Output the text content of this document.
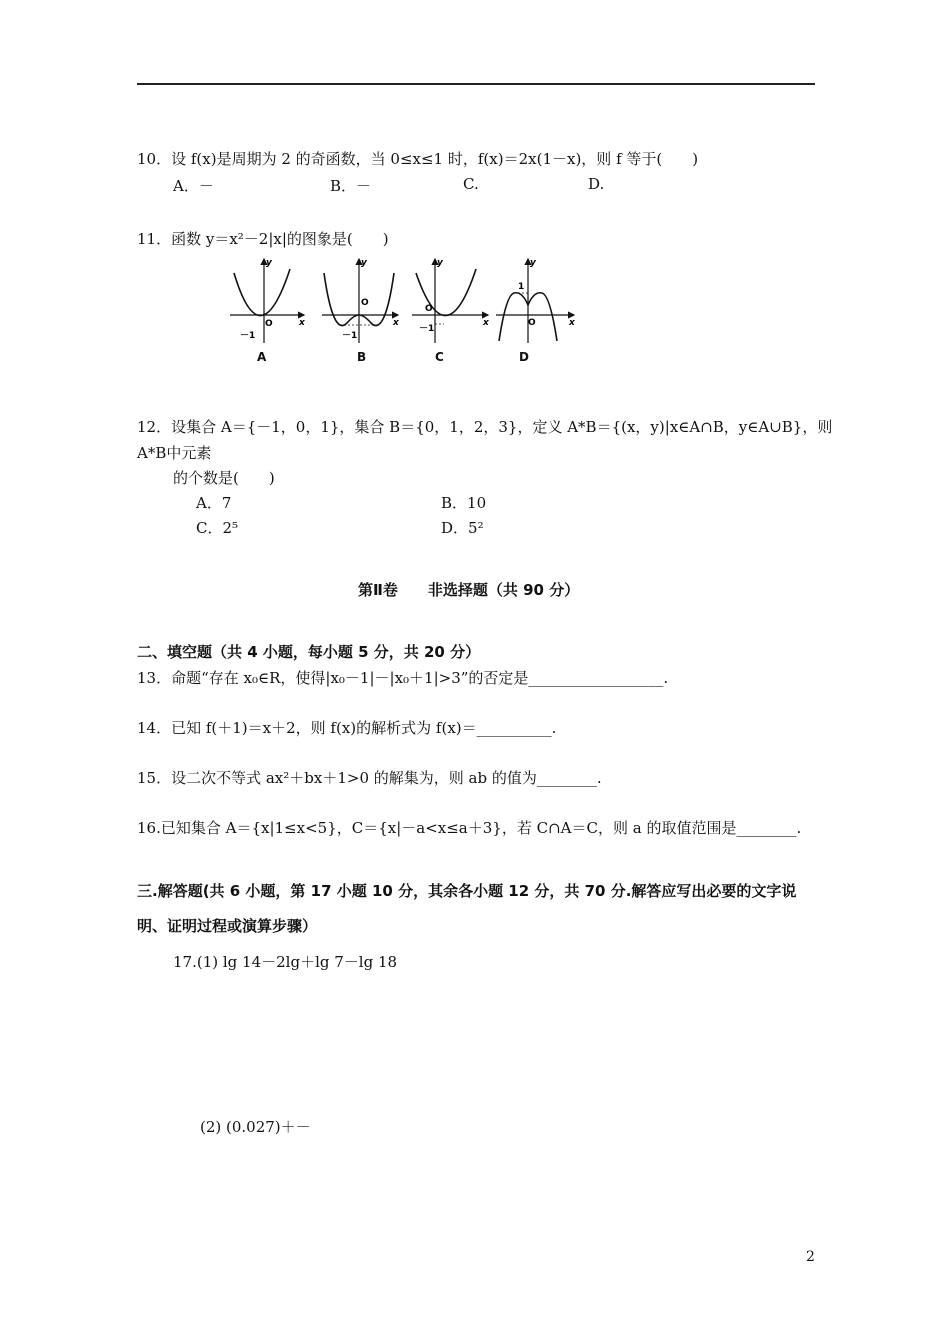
10．设 f(x)是周期为 2 的奇函数，当 0≤x≤1 时，f(x)＝2x(1－x)，则 f 等于(　　)
A．－	B．－	C.	D.
11．函数 y＝x²－2|x|的图象是(　　)
y
x
O
－1
y
x
O
－1
y
x
O
－1
y
x
O
1
A	B	C	D
12．设集合 A＝{－1，0，1}，集合 B＝{0，1，2，3}，定义 A*B＝{(x，y)|x∈A∩B，y∈A∪B}，则
A*B中元素
的个数是(　　)
A．7	B．10
C．2⁵	D．5²
第Ⅱ卷　　非选择题（共 90 分）
二、填空题（共 4 小题，每小题 5 分，共 20 分）
13．命题“存在 x₀∈R，使得|x₀－1|－|x₀＋1|>3”的否定是__________________.
14．已知 f(＋1)＝x＋2，则 f(x)的解析式为 f(x)＝__________.
15．设二次不等式 ax²＋bx＋1>0 的解集为，则 ab 的值为________.
16.已知集合 A＝{x|1≤x<5}，C＝{x|－a<x≤a＋3}，若 C∩A＝C，则 a 的取值范围是________.
三.解答题(共 6 小题，第 17 小题 10 分，其余各小题 12 分，共 70 分.解答应写出必要的文字说
明、证明过程或演算步骤）
17.(1) lg 14－2lg＋lg 7－lg 18
(2) (0.027)＋－
2
